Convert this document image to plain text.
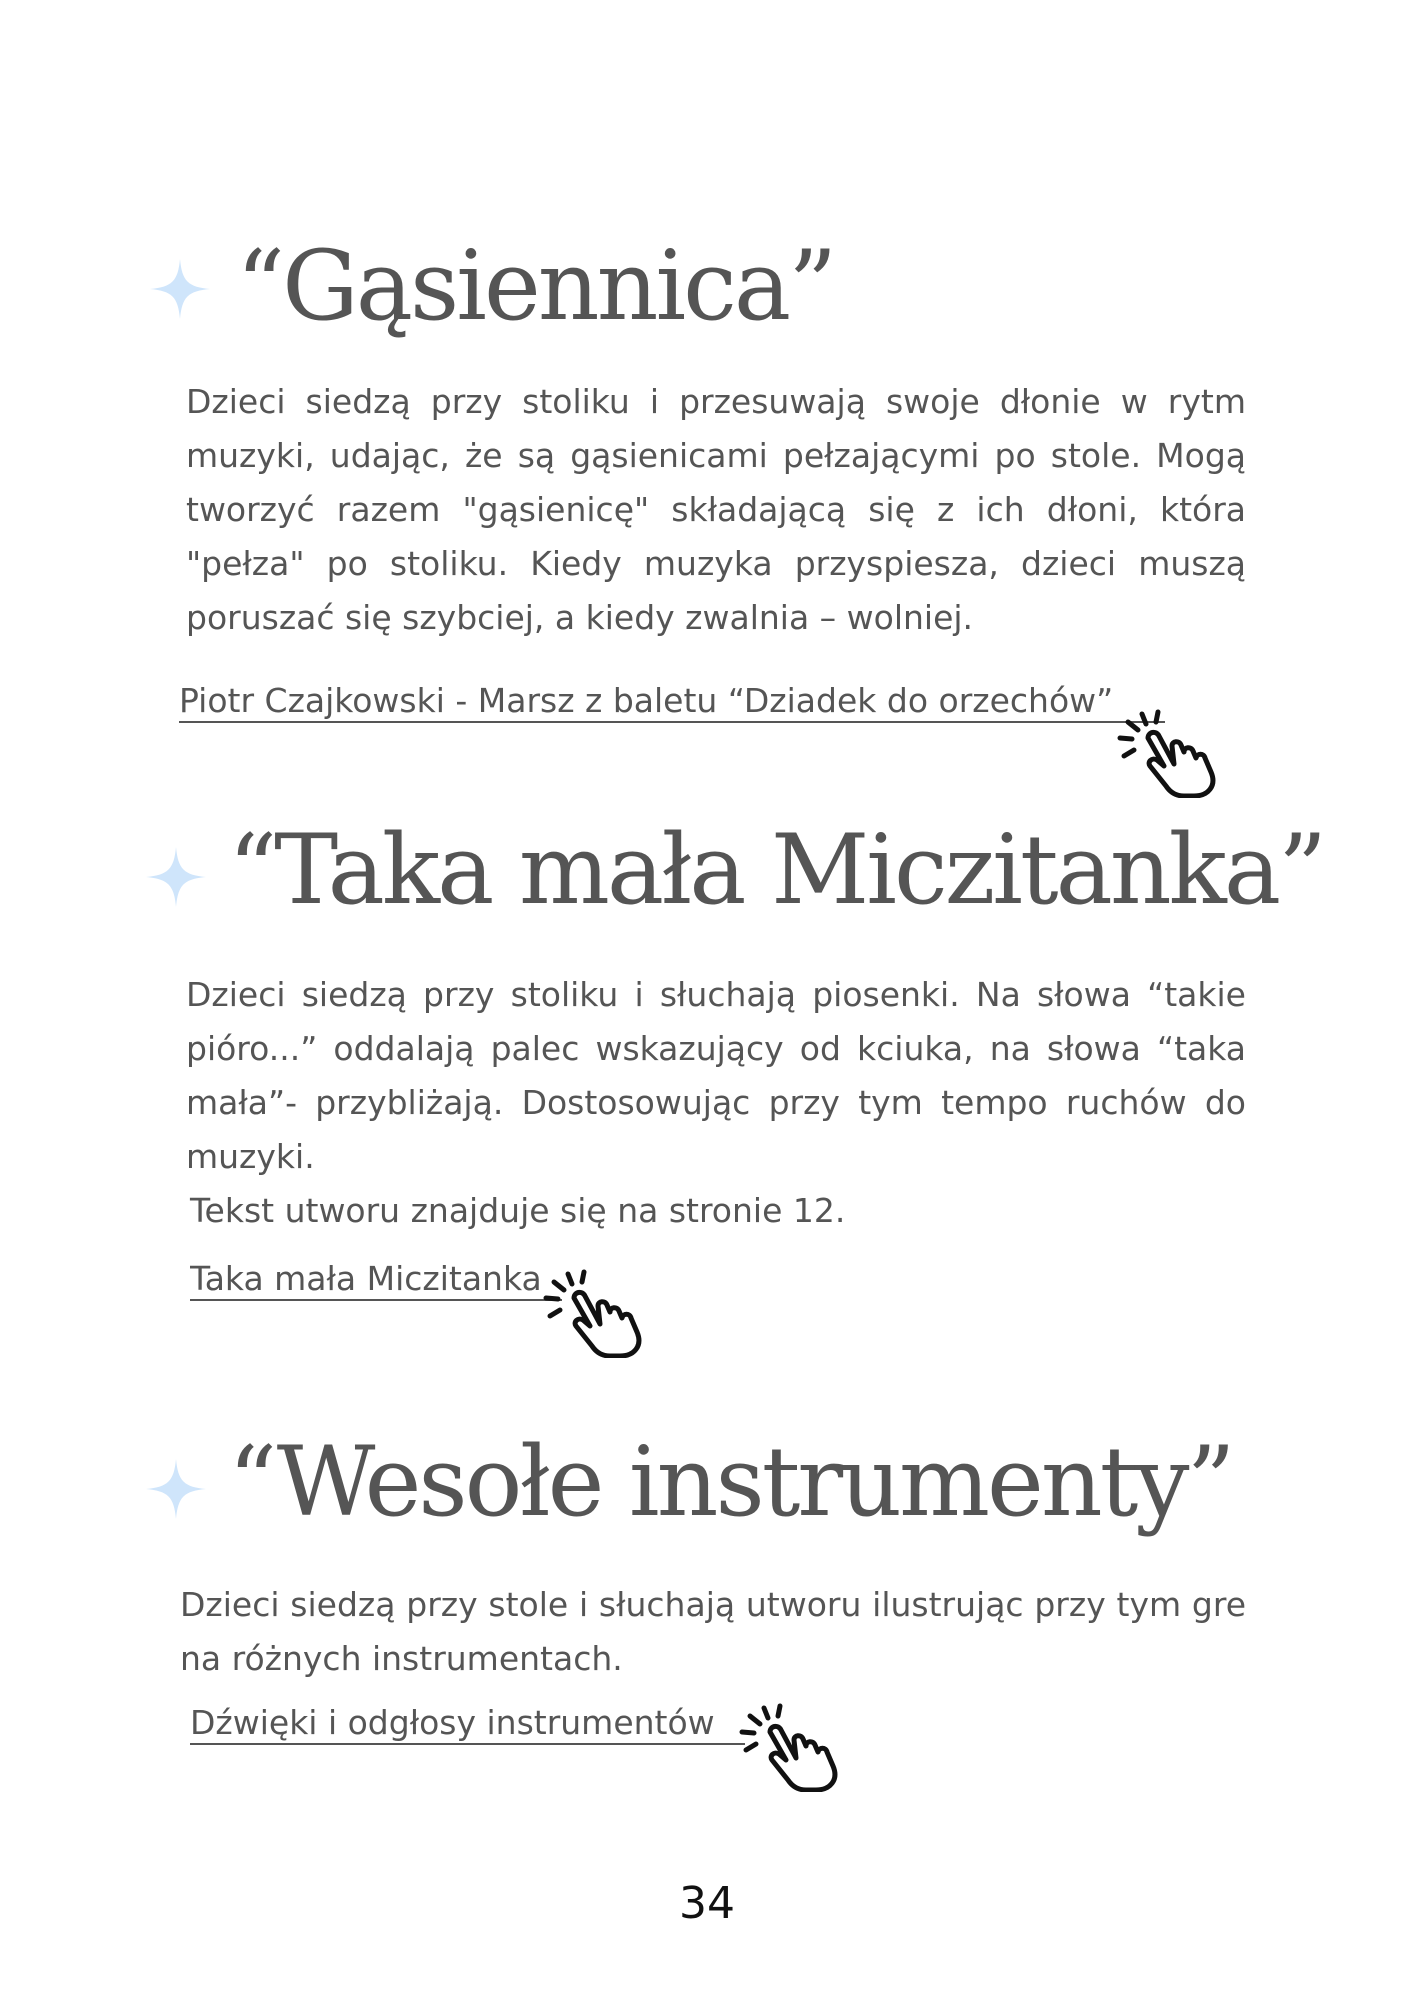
“Gąsiennica”

Dzieci siedzą przy stoliku i przesuwają swoje dłonie w rytm muzyki, udając, że są gąsienicami pełzającymi po stole. Mogą tworzyć razem "gąsienicę" składającą się z ich dłoni, która "pełza" po stoliku. Kiedy muzyka przyspiesza, dzieci muszą poruszać się szybciej, a kiedy zwalnia – wolniej.

Piotr Czajkowski - Marsz z baletu “Dziadek do orzechów”
“Taka mała Miczitanka”

Dzieci siedzą przy stoliku i słuchają piosenki. Na słowa “takie pióro...” oddalają palec wskazujący od kciuka, na słowa “taka mała”- przybliżają. Dostosowując przy tym tempo ruchów do muzyki.

Tekst utworu znajduje się na stronie 12.

Taka mała Miczitanka
“Wesołe instrumenty”

Dzieci siedzą przy stole i słuchają utworu ilustrując przy tym gre na różnych instrumentach.

Dźwięki i odgłosy instrumentów

34
